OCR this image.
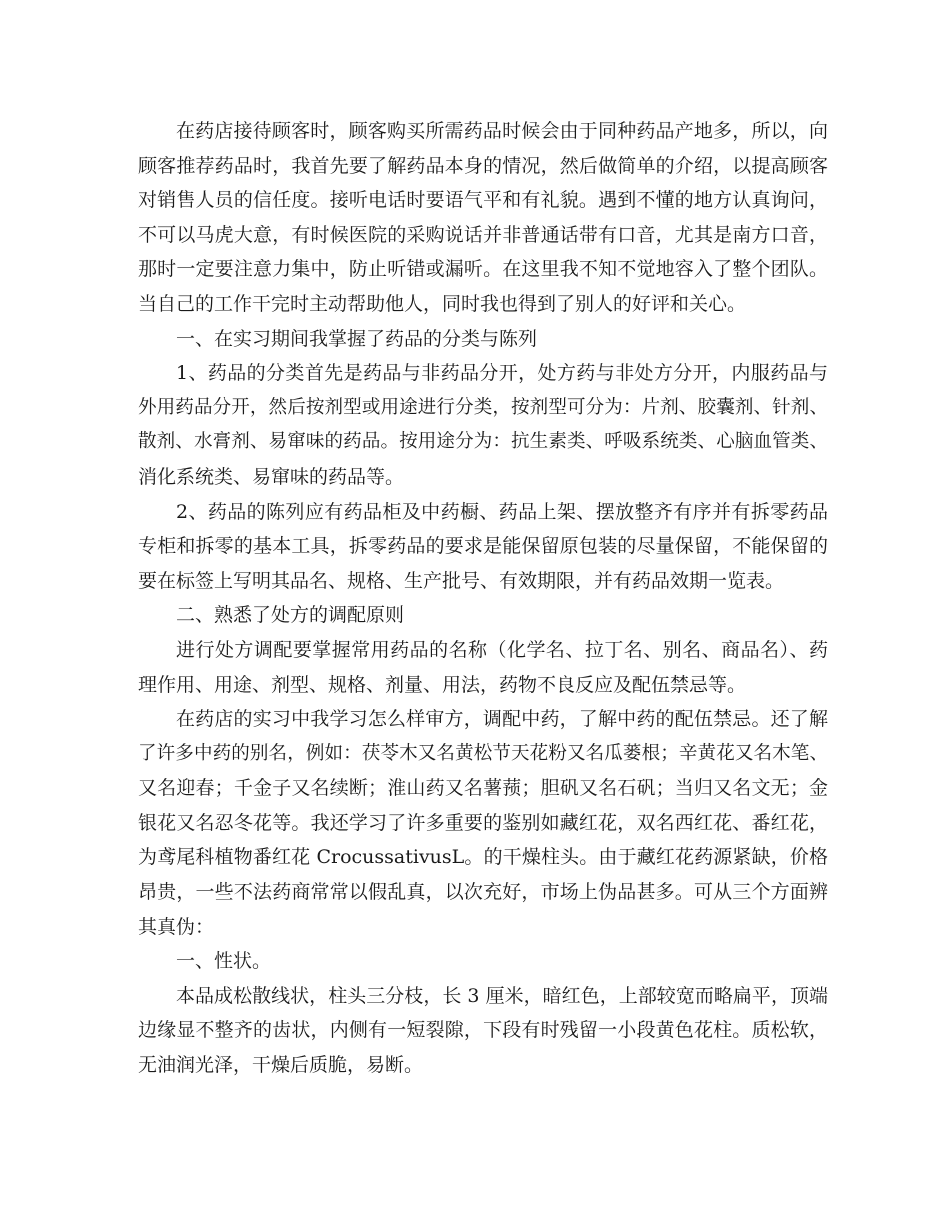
在药店接待顾客时，顾客购买所需药品时候会由于同种药品产地多，所以，向
顾客推荐药品时，我首先要了解药品本身的情况，然后做简单的介绍，以提高顾客
对销售人员的信任度。接听电话时要语气平和有礼貌。遇到不懂的地方认真询问，
不可以马虎大意，有时候医院的采购说话并非普通话带有口音，尤其是南方口音，
那时一定要注意力集中，防止听错或漏听。在这里我不知不觉地容入了整个团队。
当自己的工作干完时主动帮助他人，同时我也得到了别人的好评和关心。
一、在实习期间我掌握了药品的分类与陈列
1、药品的分类首先是药品与非药品分开，处方药与非处方分开，内服药品与
外用药品分开，然后按剂型或用途进行分类，按剂型可分为：片剂、胶囊剂、针剂、
散剂、水膏剂、易窜味的药品。按用途分为：抗生素类、呼吸系统类、心脑血管类、
消化系统类、易窜味的药品等。
2、药品的陈列应有药品柜及中药橱、药品上架、摆放整齐有序并有拆零药品
专柜和拆零的基本工具，拆零药品的要求是能保留原包装的尽量保留，不能保留的
要在标签上写明其品名、规格、生产批号、有效期限，并有药品效期一览表。
二、熟悉了处方的调配原则
进行处方调配要掌握常用药品的名称（化学名、拉丁名、别名、商品名）、药
理作用、用途、剂型、规格、剂量、用法，药物不良反应及配伍禁忌等。
在药店的实习中我学习怎么样审方，调配中药，了解中药的配伍禁忌。还了解
了许多中药的别名，例如：茯苓木又名黄松节天花粉又名瓜蒌根；辛黄花又名木笔、
又名迎春；千金子又名续断；淮山药又名薯蓣；胆矾又名石矾；当归又名文无；金
银花又名忍冬花等。我还学习了许多重要的鉴别如藏红花，双名西红花、番红花，
为鸢尾科植物番红花 CrocussativusL。的干燥柱头。由于藏红花药源紧缺，价格
昂贵，一些不法药商常常以假乱真，以次充好，市场上伪品甚多。可从三个方面辨
其真伪：
一、性状。
本品成松散线状，柱头三分枝，长 3 厘米，暗红色，上部较宽而略扁平，顶端
边缘显不整齐的齿状，内侧有一短裂隙，下段有时残留一小段黄色花柱。质松软，
无油润光泽，干燥后质脆，易断。
